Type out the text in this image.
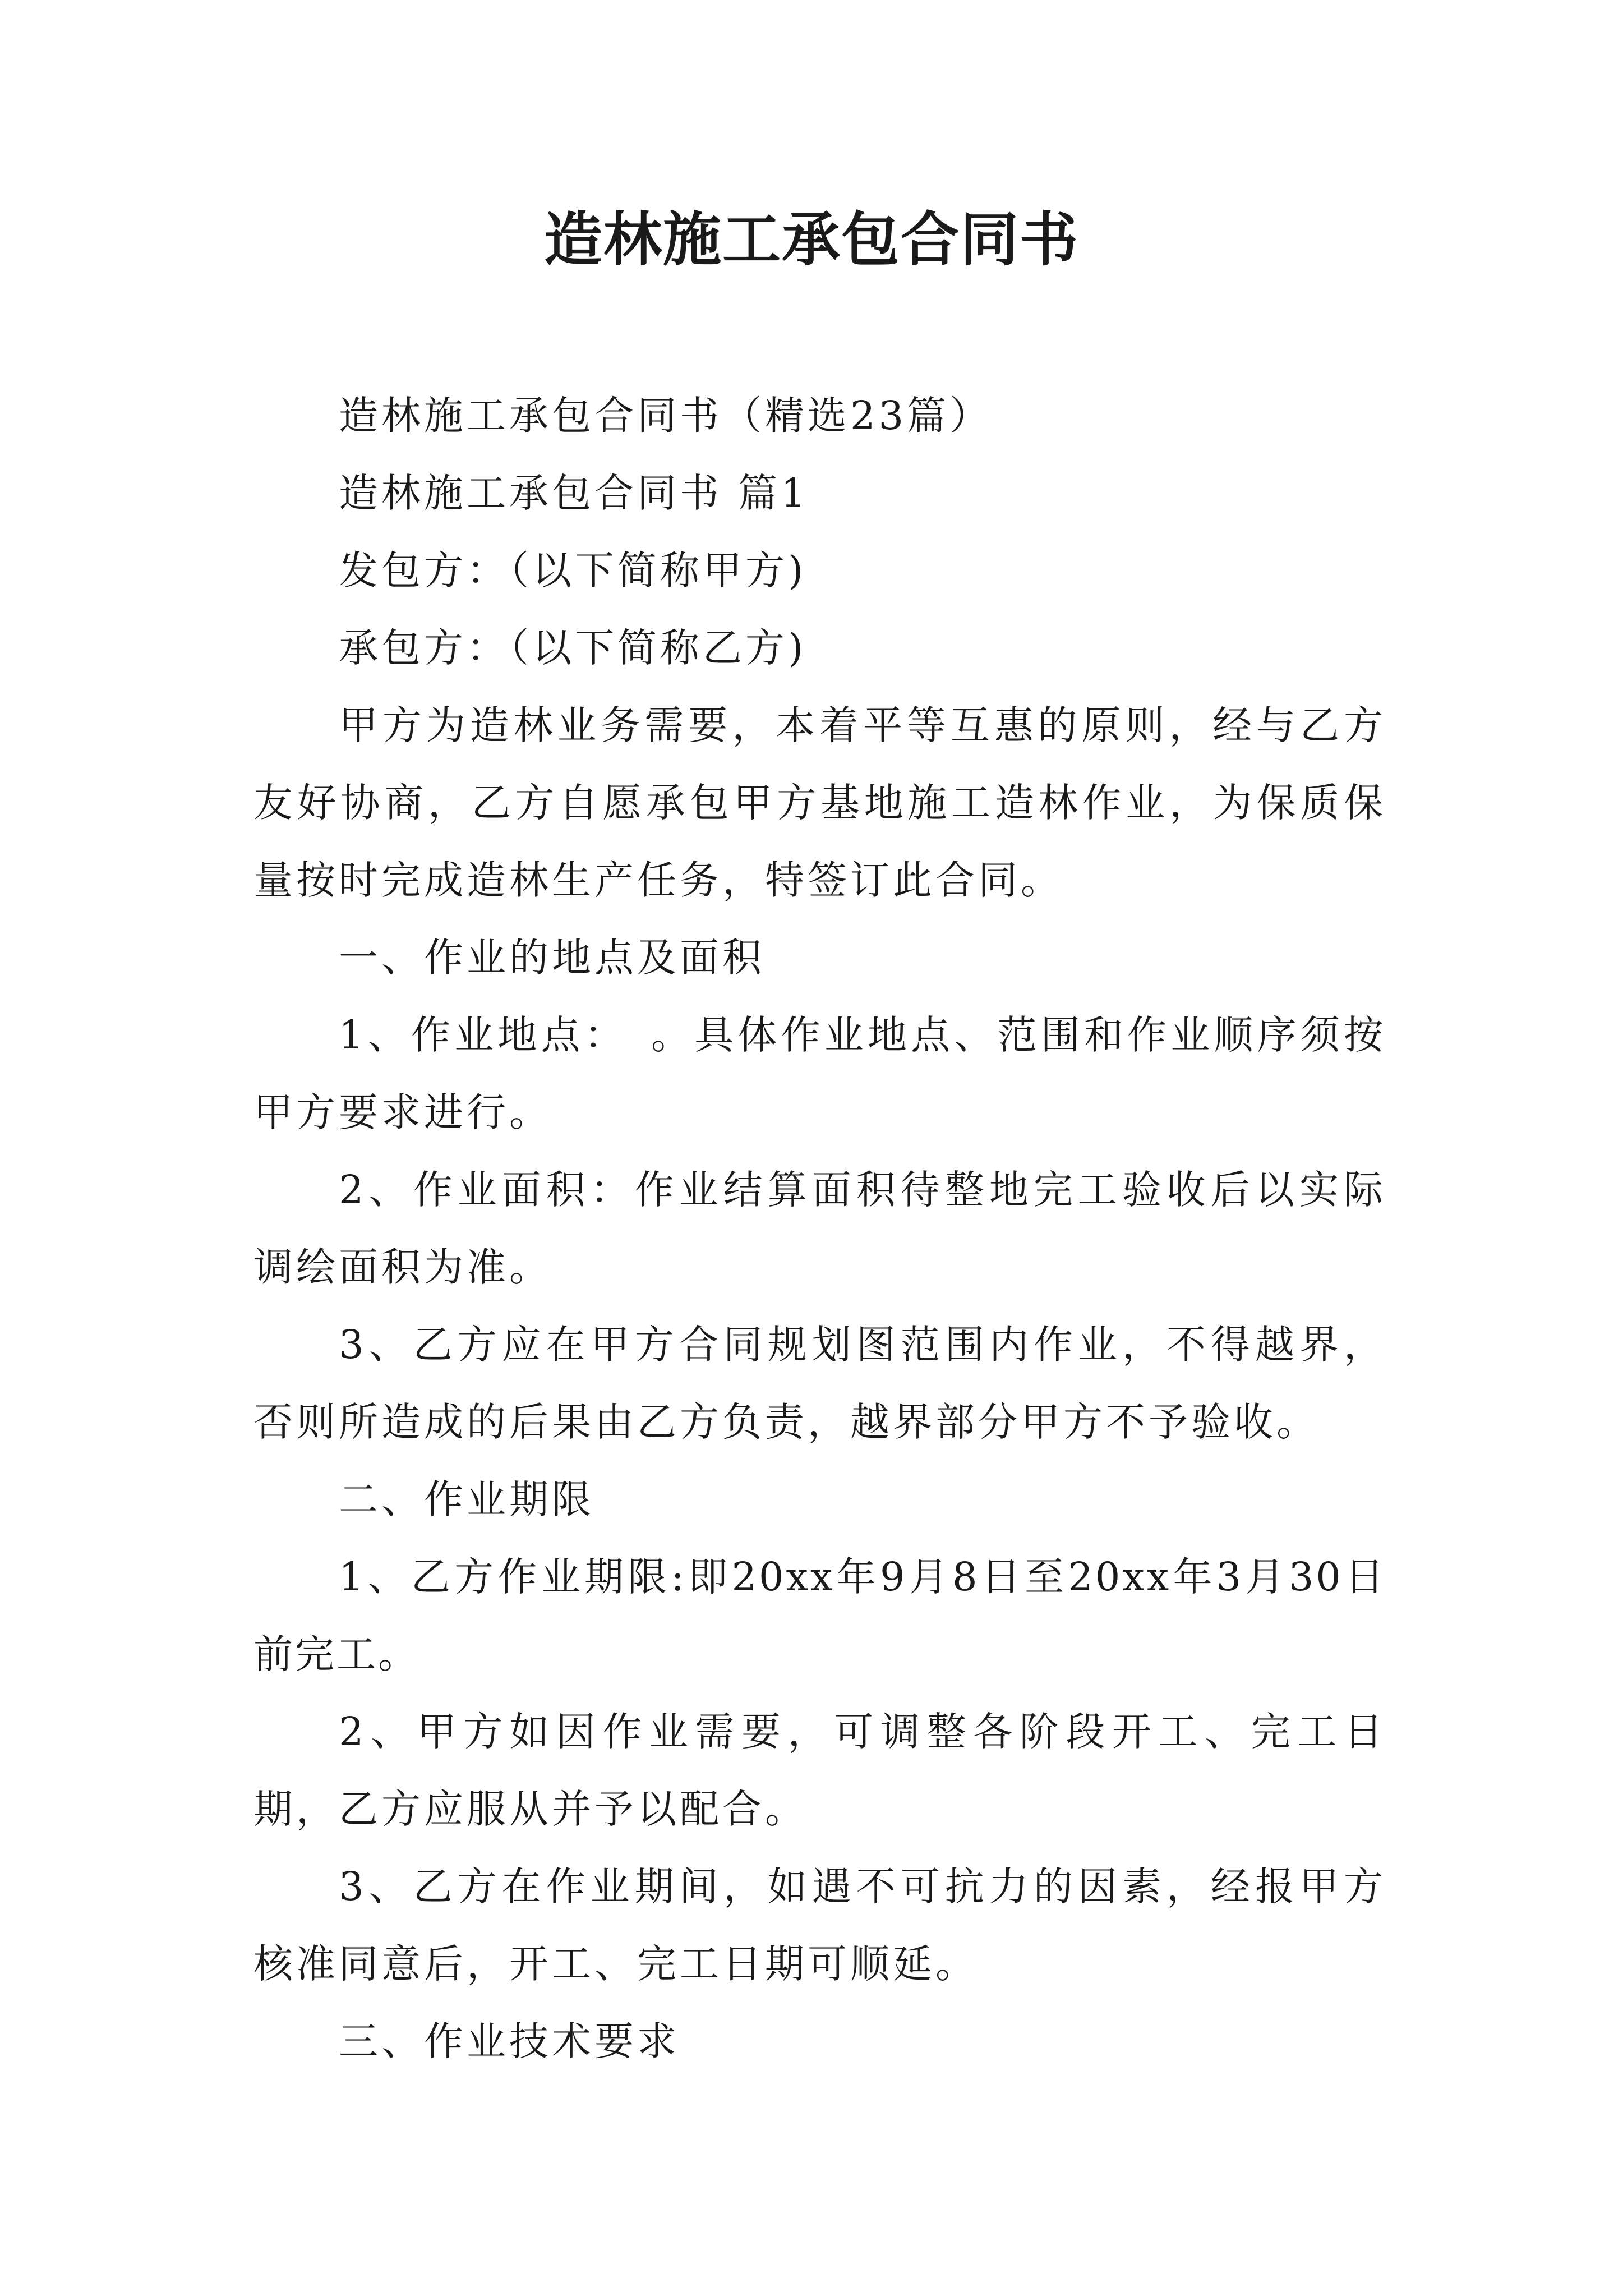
造林施工承包合同书

造林施工承包合同书（精选23篇）

造林施工承包合同书 篇1

发包方：（以下简称甲方)

承包方：（以下简称乙方)

甲方为造林业务需要，本着平等互惠的原则，经与乙方友好协商，乙方自愿承包甲方基地施工造林作业，为保质保量按时完成造林生产任务，特签订此合同。

一、作业的地点及面积

1、作业地点：　。具体作业地点、范围和作业顺序须按甲方要求进行。

2、作业面积：作业结算面积待整地完工验收后以实际调绘面积为准。

3、乙方应在甲方合同规划图范围内作业，不得越界，否则所造成的后果由乙方负责，越界部分甲方不予验收。

二、作业期限

1、乙方作业期限:即20xx年9月8日至20xx年3月30日前完工。

2、甲方如因作业需要，可调整各阶段开工、完工日期，乙方应服从并予以配合。

3、乙方在作业期间，如遇不可抗力的因素，经报甲方核准同意后，开工、完工日期可顺延。

三、作业技术要求
